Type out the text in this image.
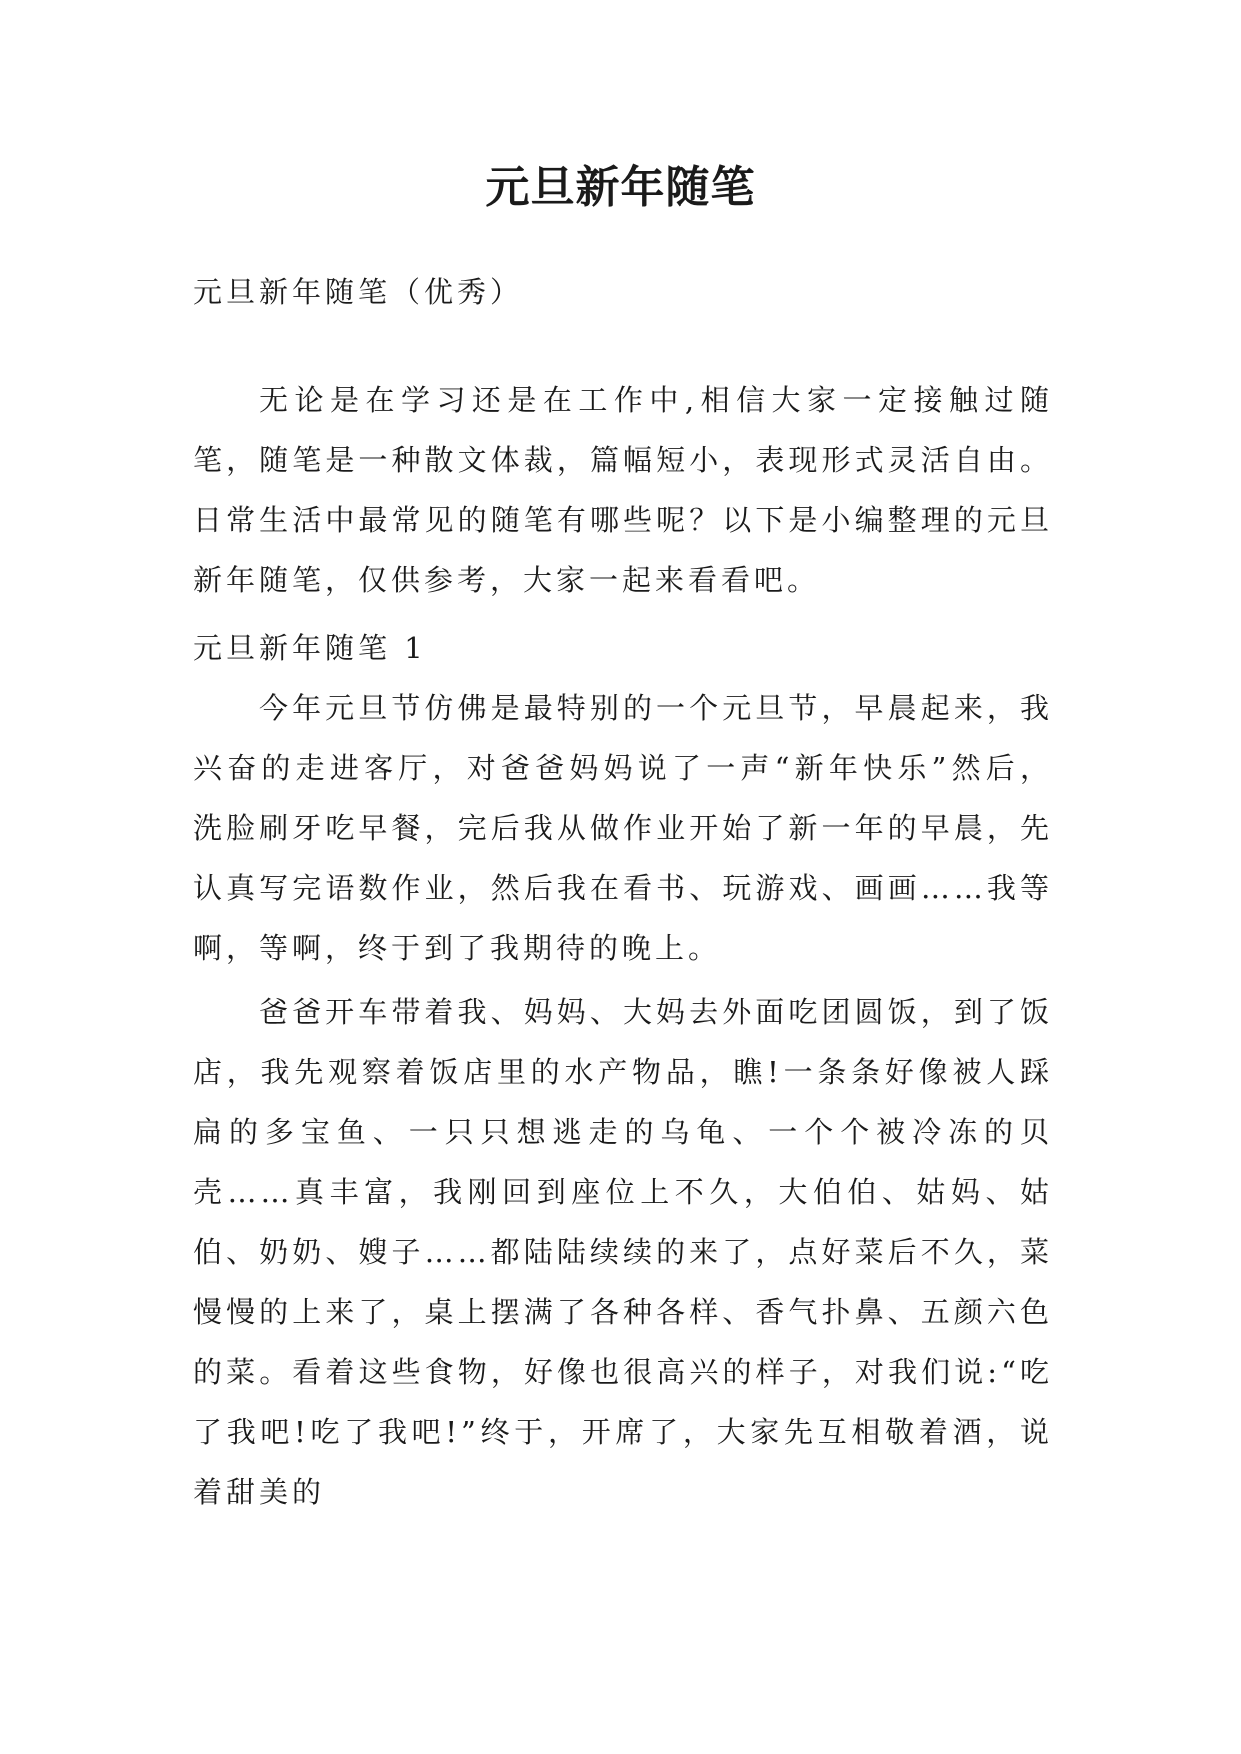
元旦新年随笔

元旦新年随笔（优秀）

无论是在学习还是在工作中,相信大家一定接触过随笔，随笔是一种散文体裁，篇幅短小，表现形式灵活自由。日常生活中最常见的随笔有哪些呢？以下是小编整理的元旦新年随笔，仅供参考，大家一起来看看吧。

元旦新年随笔 1

今年元旦节仿佛是最特别的一个元旦节，早晨起来，我兴奋的走进客厅，对爸爸妈妈说了一声“新年快乐”然后，洗脸刷牙吃早餐，完后我从做作业开始了新一年的早晨，先认真写完语数作业，然后我在看书、玩游戏、画画……我等啊，等啊，终于到了我期待的晚上。

爸爸开车带着我、妈妈、大妈去外面吃团圆饭，到了饭店，我先观察着饭店里的水产物品，瞧!一条条好像被人踩扁的多宝鱼、一只只想逃走的乌龟、一个个被冷冻的贝壳……真丰富，我刚回到座位上不久，大伯伯、姑妈、姑伯、奶奶、嫂子……都陆陆续续的来了，点好菜后不久，菜慢慢的上来了，桌上摆满了各种各样、香气扑鼻、五颜六色的菜。看着这些食物，好像也很高兴的样子，对我们说:“吃了我吧!吃了我吧!”终于，开席了，大家先互相敬着酒，说着甜美的
